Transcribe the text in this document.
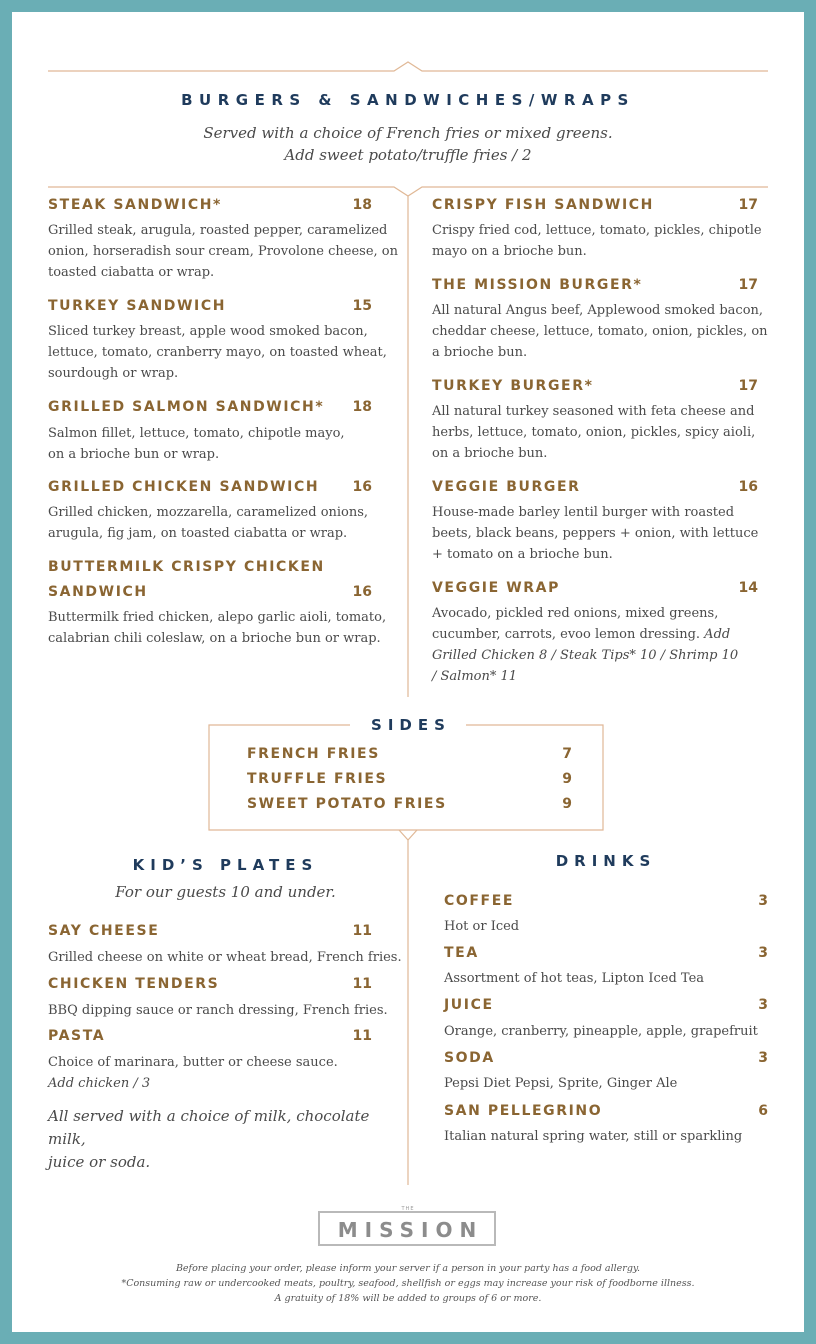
BURGERS & SANDWICHES/WRAPS
Served with a choice of French fries or mixed greens.
Add sweet potato/truffle fries / 2
STEAK SANDWICH*	18
Grilled steak, arugula, roasted pepper, caramelized
onion, horseradish sour cream, Provolone cheese, on
toasted ciabatta or wrap.
TURKEY SANDWICH	15
Sliced turkey breast, apple wood smoked bacon,
lettuce, tomato, cranberry mayo, on toasted wheat,
sourdough or wrap.
GRILLED SALMON SANDWICH*	18
Salmon fillet, lettuce, tomato, chipotle mayo,
on a brioche bun or wrap.
GRILLED CHICKEN SANDWICH	16
Grilled chicken, mozzarella, caramelized onions,
arugula, fig jam, on toasted ciabatta or wrap.
BUTTERMILK CRISPY CHICKEN
SANDWICH	16
Buttermilk fried chicken, alepo garlic aioli, tomato,
calabrian chili coleslaw, on a brioche bun or wrap.
CRISPY FISH SANDWICH	17
Crispy fried cod, lettuce, tomato, pickles, chipotle
mayo on a brioche bun.
THE MISSION BURGER*	17
All natural Angus beef, Applewood smoked bacon,
cheddar cheese, lettuce, tomato, onion, pickles, on
a brioche bun.
TURKEY BURGER*	17
All natural turkey seasoned with feta cheese and
herbs, lettuce, tomato, onion, pickles, spicy aioli,
on a brioche bun.
VEGGIE BURGER	16
House-made barley lentil burger with roasted
beets, black beans, peppers + onion, with lettuce
+ tomato on a brioche bun.
VEGGIE WRAP	14
Avocado, pickled red onions, mixed greens,
cucumber, carrots, evoo lemon dressing. Add
Grilled Chicken 8 / Steak Tips* 10 / Shrimp 10
/ Salmon* 11
SIDES
FRENCH FRIES	7
TRUFFLE FRIES	9
SWEET POTATO FRIES	9
KID’S PLATES
For our guests 10 and under.
SAY CHEESE	11
Grilled cheese on white or wheat bread, French fries.
CHICKEN TENDERS	11
BBQ dipping sauce or ranch dressing, French fries.
PASTA	11
Choice of marinara, butter or cheese sauce.
Add chicken / 3
All served with a choice of milk, chocolate milk,
juice or soda.
DRINKS
COFFEE	3
Hot or Iced
TEA	3
Assortment of hot teas, Lipton Iced Tea
JUICE	3
Orange, cranberry, pineapple, apple, grapefruit
SODA	3
Pepsi Diet Pepsi, Sprite, Ginger Ale
SAN PELLEGRINO	6
Italian natural spring water, still or sparkling
THE
MISSION
Before placing your order, please inform your server if a person in your party has a food allergy.
*Consuming raw or undercooked meats, poultry, seafood, shellfish or eggs may increase your risk of foodborne illness.
A gratuity of 18% will be added to groups of 6 or more.
